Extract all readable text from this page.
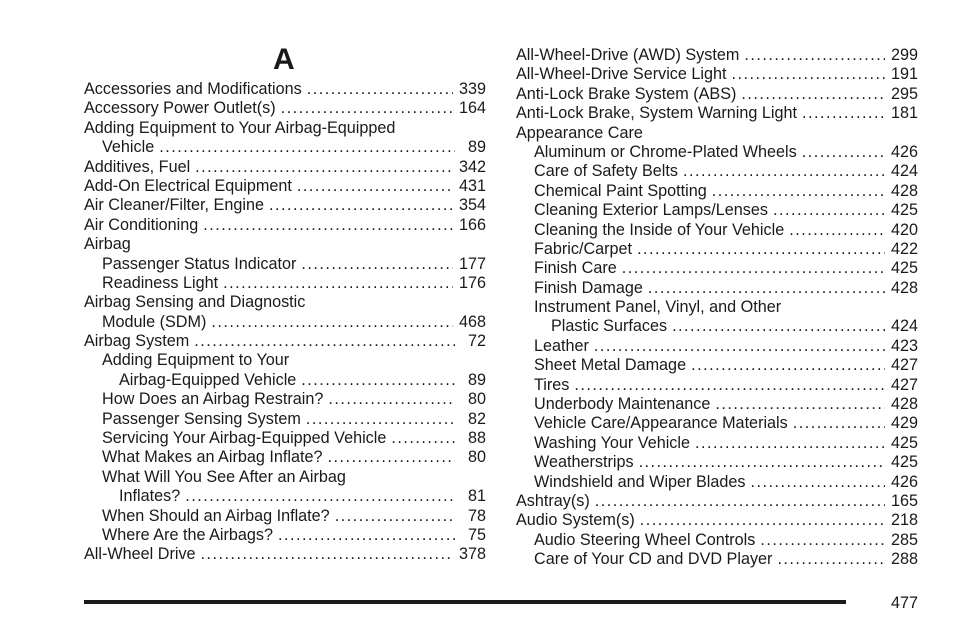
A
Accessories and Modifications .....	339
Accessory Power Outlet(s) .....	164
Adding Equipment to Your Airbag-Equipped
Vehicle .....	89
Additives, Fuel .....	342
Add-On Electrical Equipment .....	431
Air Cleaner/Filter, Engine .....	354
Air Conditioning .....	166
Airbag
Passenger Status Indicator .....	177
Readiness Light .....	176
Airbag Sensing and Diagnostic
Module (SDM) .....	468
Airbag System .....	72
Adding Equipment to Your
Airbag-Equipped Vehicle .....	89
How Does an Airbag Restrain? .....	80
Passenger Sensing System .....	82
Servicing Your Airbag-Equipped Vehicle .....	88
What Makes an Airbag Inflate? .....	80
What Will You See After an Airbag
Inflates? .....	81
When Should an Airbag Inflate? .....	78
Where Are the Airbags? .....	75
All-Wheel Drive .....	378
All-Wheel-Drive (AWD) System .....	299
All-Wheel-Drive Service Light .....	191
Anti-Lock Brake System (ABS) .....	295
Anti-Lock Brake, System Warning Light .....	181
Appearance Care
Aluminum or Chrome-Plated Wheels .....	426
Care of Safety Belts .....	424
Chemical Paint Spotting .....	428
Cleaning Exterior Lamps/Lenses .....	425
Cleaning the Inside of Your Vehicle .....	420
Fabric/Carpet .....	422
Finish Care .....	425
Finish Damage .....	428
Instrument Panel, Vinyl, and Other
Plastic Surfaces .....	424
Leather .....	423
Sheet Metal Damage .....	427
Tires .....	427
Underbody Maintenance .....	428
Vehicle Care/Appearance Materials .....	429
Washing Your Vehicle .....	425
Weatherstrips .....	425
Windshield and Wiper Blades .....	426
Ashtray(s) .....	165
Audio System(s) .....	218
Audio Steering Wheel Controls .....	285
Care of Your CD and DVD Player .....	288
477
